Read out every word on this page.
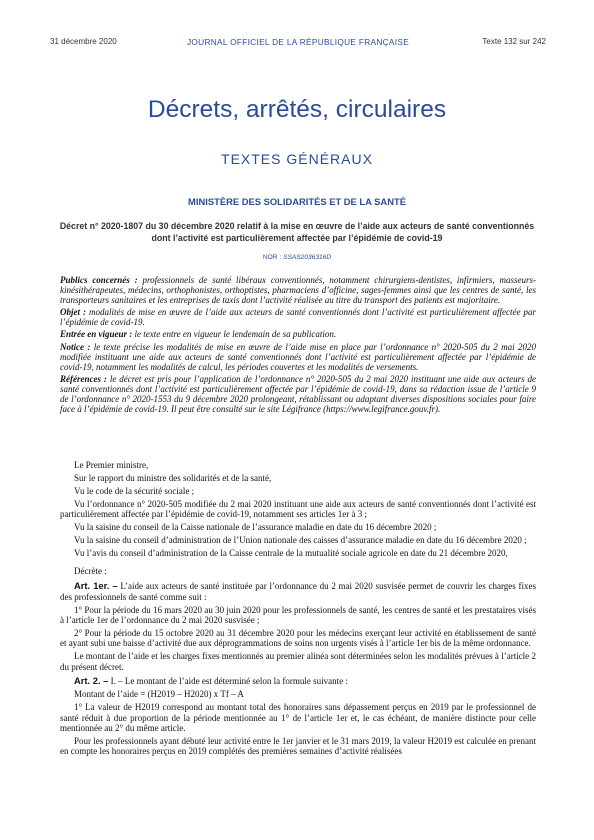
31 décembre 2020	JOURNAL OFFICIEL DE LA RÉPUBLIQUE FRANÇAISE	Texte 132 sur 242
Décrets, arrêtés, circulaires
TEXTES GÉNÉRAUX
MINISTÈRE DES SOLIDARITÉS ET DE LA SANTÉ
Décret n° 2020-1807 du 30 décembre 2020 relatif à la mise en œuvre de l’aide aux acteurs de santé conventionnés dont l’activité est particulièrement affectée par l’épidémie de covid-19
NOR : SSAS2036316D

Publics concernés : professionnels de santé libéraux conventionnés, notamment chirurgiens-dentistes, infirmiers, masseurs-kinésithérapeutes, médecins, orthophonistes, orthoptistes, pharmaciens d’officine, sages-femmes ainsi que les centres de santé, les transporteurs sanitaires et les entreprises de taxis dont l’activité réalisée au titre du transport des patients est majoritaire.

Objet : modalités de mise en œuvre de l’aide aux acteurs de santé conventionnés dont l’activité est particulièrement affectée par l’épidémie de covid-19.

Entrée en vigueur : le texte entre en vigueur le lendemain de sa publication.

Notice : le texte précise les modalités de mise en œuvre de l’aide mise en place par l’ordonnance n° 2020-505 du 2 mai 2020 modifiée instituant une aide aux acteurs de santé conventionnés dont l’activité est particulièrement affectée par l’épidémie de covid-19, notamment les modalités de calcul, les périodes couvertes et les modalités de versements.

Références : le décret est pris pour l’application de l’ordonnance n° 2020-505 du 2 mai 2020 instituant une aide aux acteurs de santé conventionnés dont l’activité est particulièrement affectée par l’épidémie de covid-19, dans sa rédaction issue de l’article 9 de l’ordonnance n° 2020-1553 du 9 décembre 2020 prolongeant, rétablissant ou adaptant diverses dispositions sociales pour faire face à l’épidémie de covid-19. Il peut être consulté sur le site Légifrance (https://www.legifrance.gouv.fr).

Le Premier ministre,

Sur le rapport du ministre des solidarités et de la santé,

Vu le code de la sécurité sociale ;

Vu l’ordonnance n° 2020-505 modifiée du 2 mai 2020 instituant une aide aux acteurs de santé conventionnés dont l’activité est particulièrement affectée par l’épidémie de covid-19, notamment ses articles 1er à 3 ;

Vu la saisine du conseil de la Caisse nationale de l’assurance maladie en date du 16 décembre 2020 ;

Vu la saisine du conseil d’administration de l’Union nationale des caisses d’assurance maladie en date du 16 décembre 2020 ;

Vu l’avis du conseil d’administration de la Caisse centrale de la mutualité sociale agricole en date du 21 décembre 2020,

Décrète :

Art. 1er. – L’aide aux acteurs de santé instituée par l’ordonnance du 2 mai 2020 susvisée permet de couvrir les charges fixes des professionnels de santé comme suit :

1° Pour la période du 16 mars 2020 au 30 juin 2020 pour les professionnels de santé, les centres de santé et les prestataires visés à l’article 1er de l’ordonnance du 2 mai 2020 susvisée ;

2° Pour la période du 15 octobre 2020 au 31 décembre 2020 pour les médecins exerçant leur activité en établissement de santé et ayant subi une baisse d’activité due aux déprogrammations de soins non urgents visés à l’article 1er bis de la même ordonnance.

Le montant de l’aide et les charges fixes mentionnés au premier alinéa sont déterminées selon les modalités prévues à l’article 2 du présent décret.

Art. 2. – I. – Le montant de l’aide est déterminé selon la formule suivante :

Montant de l’aide = (H2019 – H2020) x Tf – A

1° La valeur de H2019 correspond au montant total des honoraires sans dépassement perçus en 2019 par le professionnel de santé réduit à due proportion de la période mentionnée au 1° de l’article 1er et, le cas échéant, de manière distincte pour celle mentionnée au 2° du même article.

Pour les professionnels ayant débuté leur activité entre le 1er janvier et le 31 mars 2019, la valeur H2019 est calculée en prenant en compte les honoraires perçus en 2019 complétés des premières semaines d’activité réalisées
